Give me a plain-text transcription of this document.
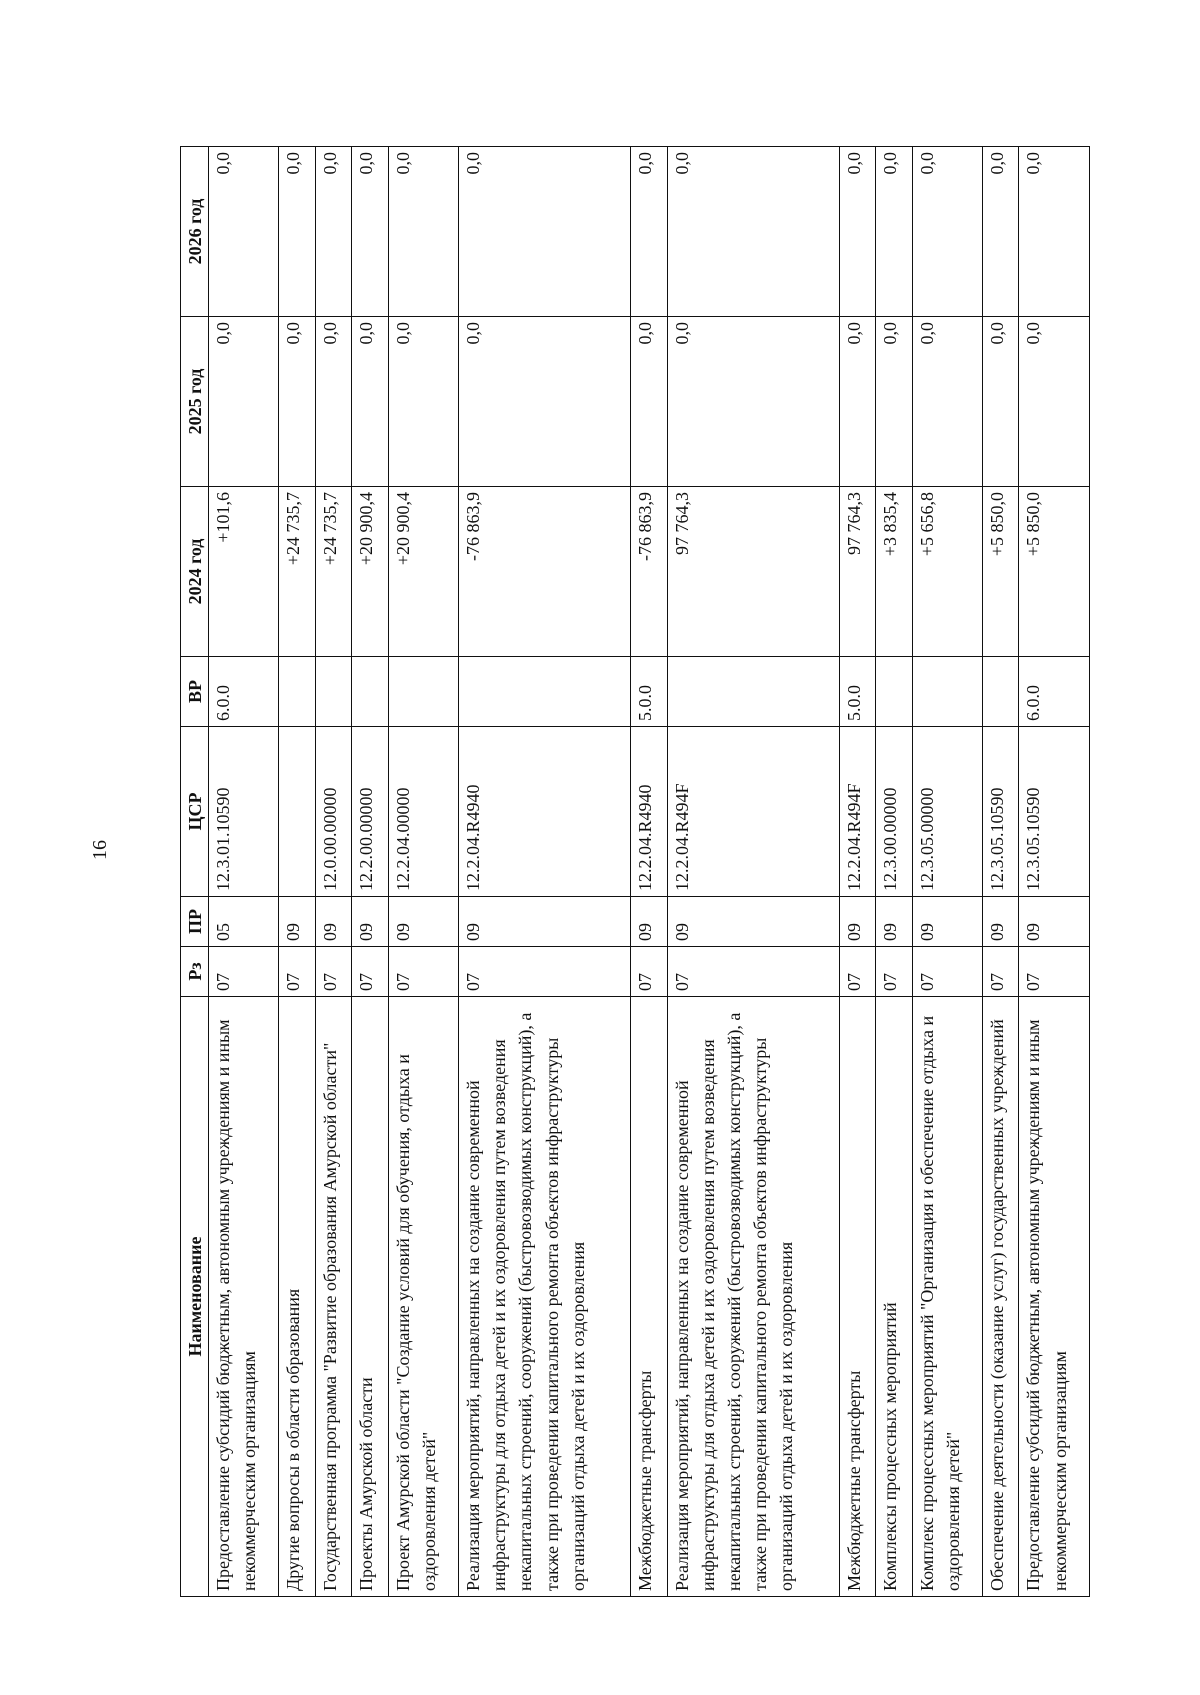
16
Наименование	Рз	ПР	ЦСР	ВР	2024 год	2025 год	2026 год
Предоставление субсидий бюджетным, автономным учреждениям и иным некоммерческим организациям	07	05	12.3.01.10590	6.0.0	+101,6	0,0	0,0
Другие вопросы в области образования	07	09			+24 735,7	0,0	0,0
Государственная программа "Развитие образования Амурской области"	07	09	12.0.00.00000		+24 735,7	0,0	0,0
Проекты Амурской области	07	09	12.2.00.00000		+20 900,4	0,0	0,0
Проект Амурской области "Создание условий для обучения, отдыха и оздоровления детей"	07	09	12.2.04.00000		+20 900,4	0,0	0,0
Реализация мероприятий, направленных на создание современной инфраструктуры для отдыха детей и их оздоровления путем возведения некапитальных строений, сооружений (быстровозводимых конструкций), а также при проведении капитального ремонта объектов инфраструктуры организаций отдыха детей и их оздоровления	07	09	12.2.04.R4940		-76 863,9	0,0	0,0
Межбюджетные трансферты	07	09	12.2.04.R4940	5.0.0	-76 863,9	0,0	0,0
Реализация мероприятий, направленных на создание современной инфраструктуры для отдыха детей и их оздоровления путем возведения некапитальных строений, сооружений (быстровозводимых конструкций), а также при проведении капитального ремонта объектов инфраструктуры организаций отдыха детей и их оздоровления	07	09	12.2.04.R494F		97 764,3	0,0	0,0
Межбюджетные трансферты	07	09	12.2.04.R494F	5.0.0	97 764,3	0,0	0,0
Комплексы процессных мероприятий	07	09	12.3.00.00000		+3 835,4	0,0	0,0
Комплекс процессных мероприятий "Организация и обеспечение отдыха и оздоровления детей"	07	09	12.3.05.00000		+5 656,8	0,0	0,0
Обеспечение деятельности (оказание услуг) государственных учреждений	07	09	12.3.05.10590		+5 850,0	0,0	0,0
Предоставление субсидий бюджетным, автономным учреждениям и иным некоммерческим организациям	07	09	12.3.05.10590	6.0.0	+5 850,0	0,0	0,0
